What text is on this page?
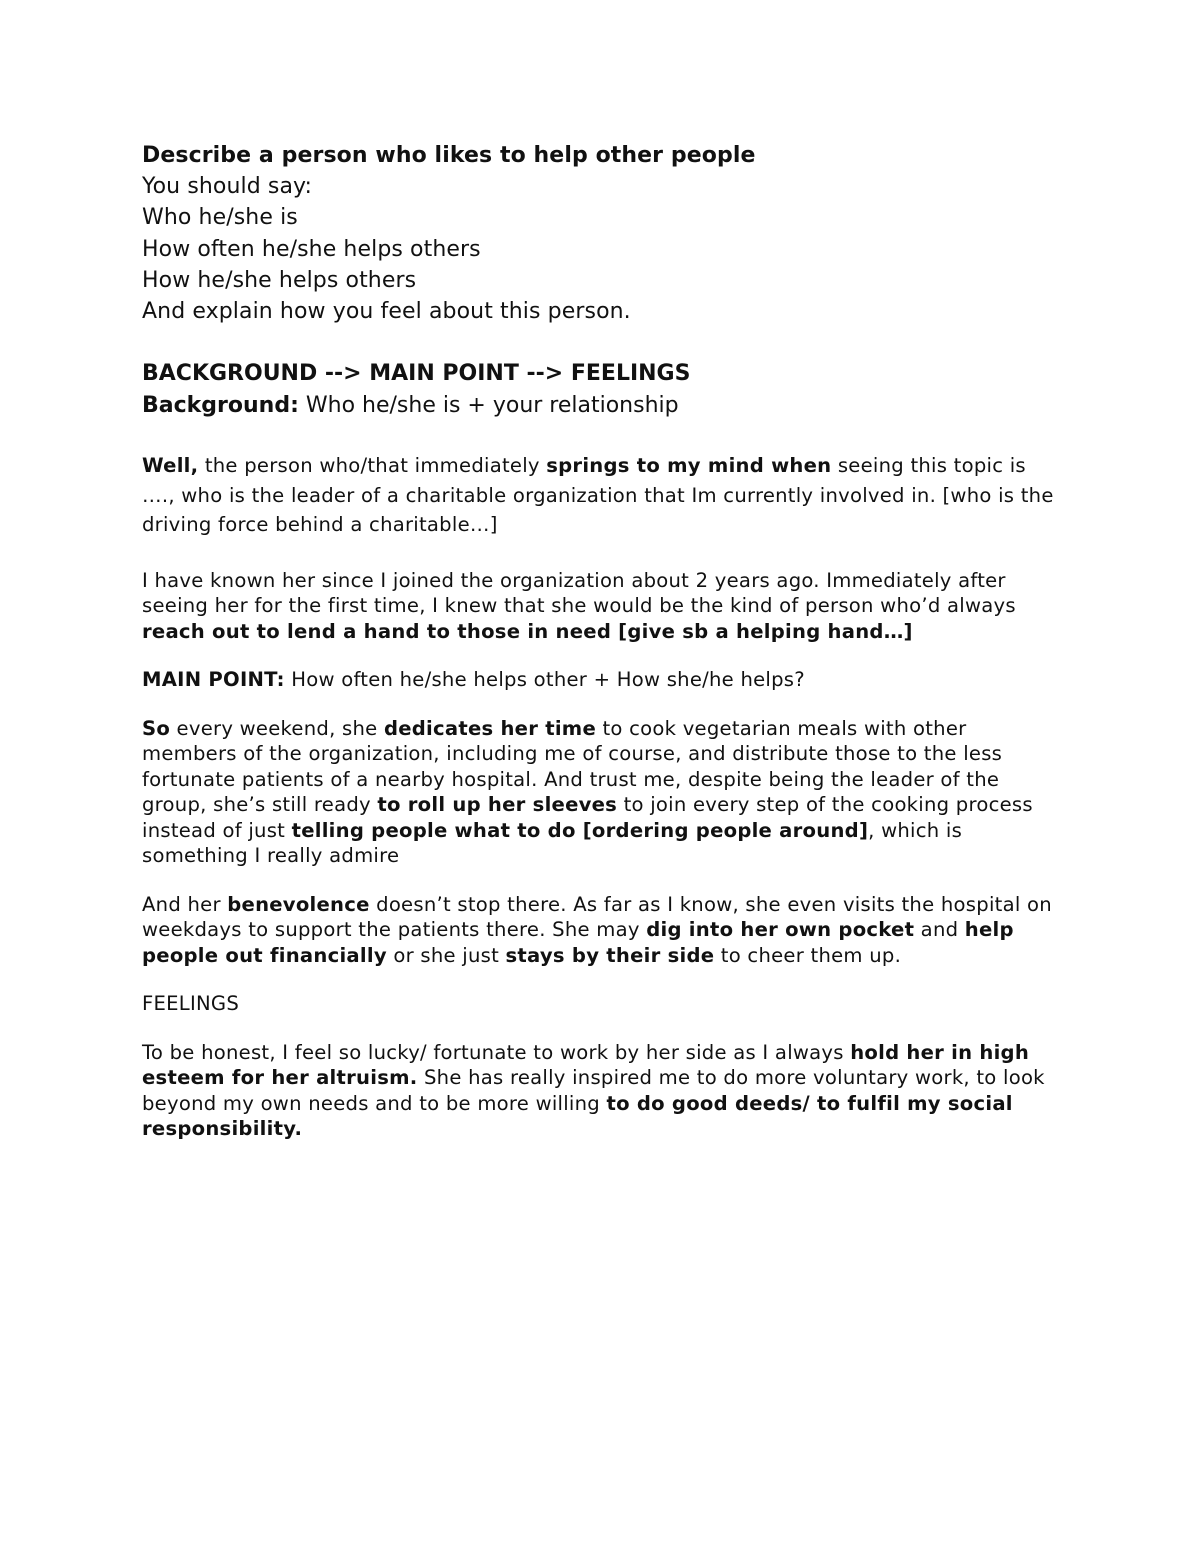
Describe a person who likes to help other people
You should say:
Who he/she is
How often he/she helps others
How he/she helps others
And explain how you feel about this person.
BACKGROUND --> MAIN POINT --> FEELINGS
Background: Who he/she is + your relationship

Well, the person who/that immediately springs to my mind when seeing this topic is …., who is the leader of a charitable organization that Im currently involved in. [who is the driving force behind a charitable…]

I have known her since I joined the organization about 2 years ago. Immediately after seeing her for the first time, I knew that she would be the kind of person who’d always reach out to lend a hand to those in need [give sb a helping hand…]

MAIN POINT: How often he/she helps other + How she/he helps?

So every weekend, she dedicates her time to cook vegetarian meals with other members of the organization, including me of course, and distribute those to the less fortunate patients of a nearby hospital. And trust me, despite being the leader of the group, she’s still ready to roll up her sleeves to join every step of the cooking process instead of just telling people what to do [ordering people around], which is something I really admire

And her benevolence doesn’t stop there. As far as I know, she even visits the hospital on weekdays to support the patients there. She may dig into her own pocket and help people out financially or she just stays by their side to cheer them up.

FEELINGS

To be honest, I feel so lucky/ fortunate to work by her side as I always hold her in high esteem for her altruism. She has really inspired me to do more voluntary work, to look beyond my own needs and to be more willing to do good deeds/ to fulfil my social responsibility.
